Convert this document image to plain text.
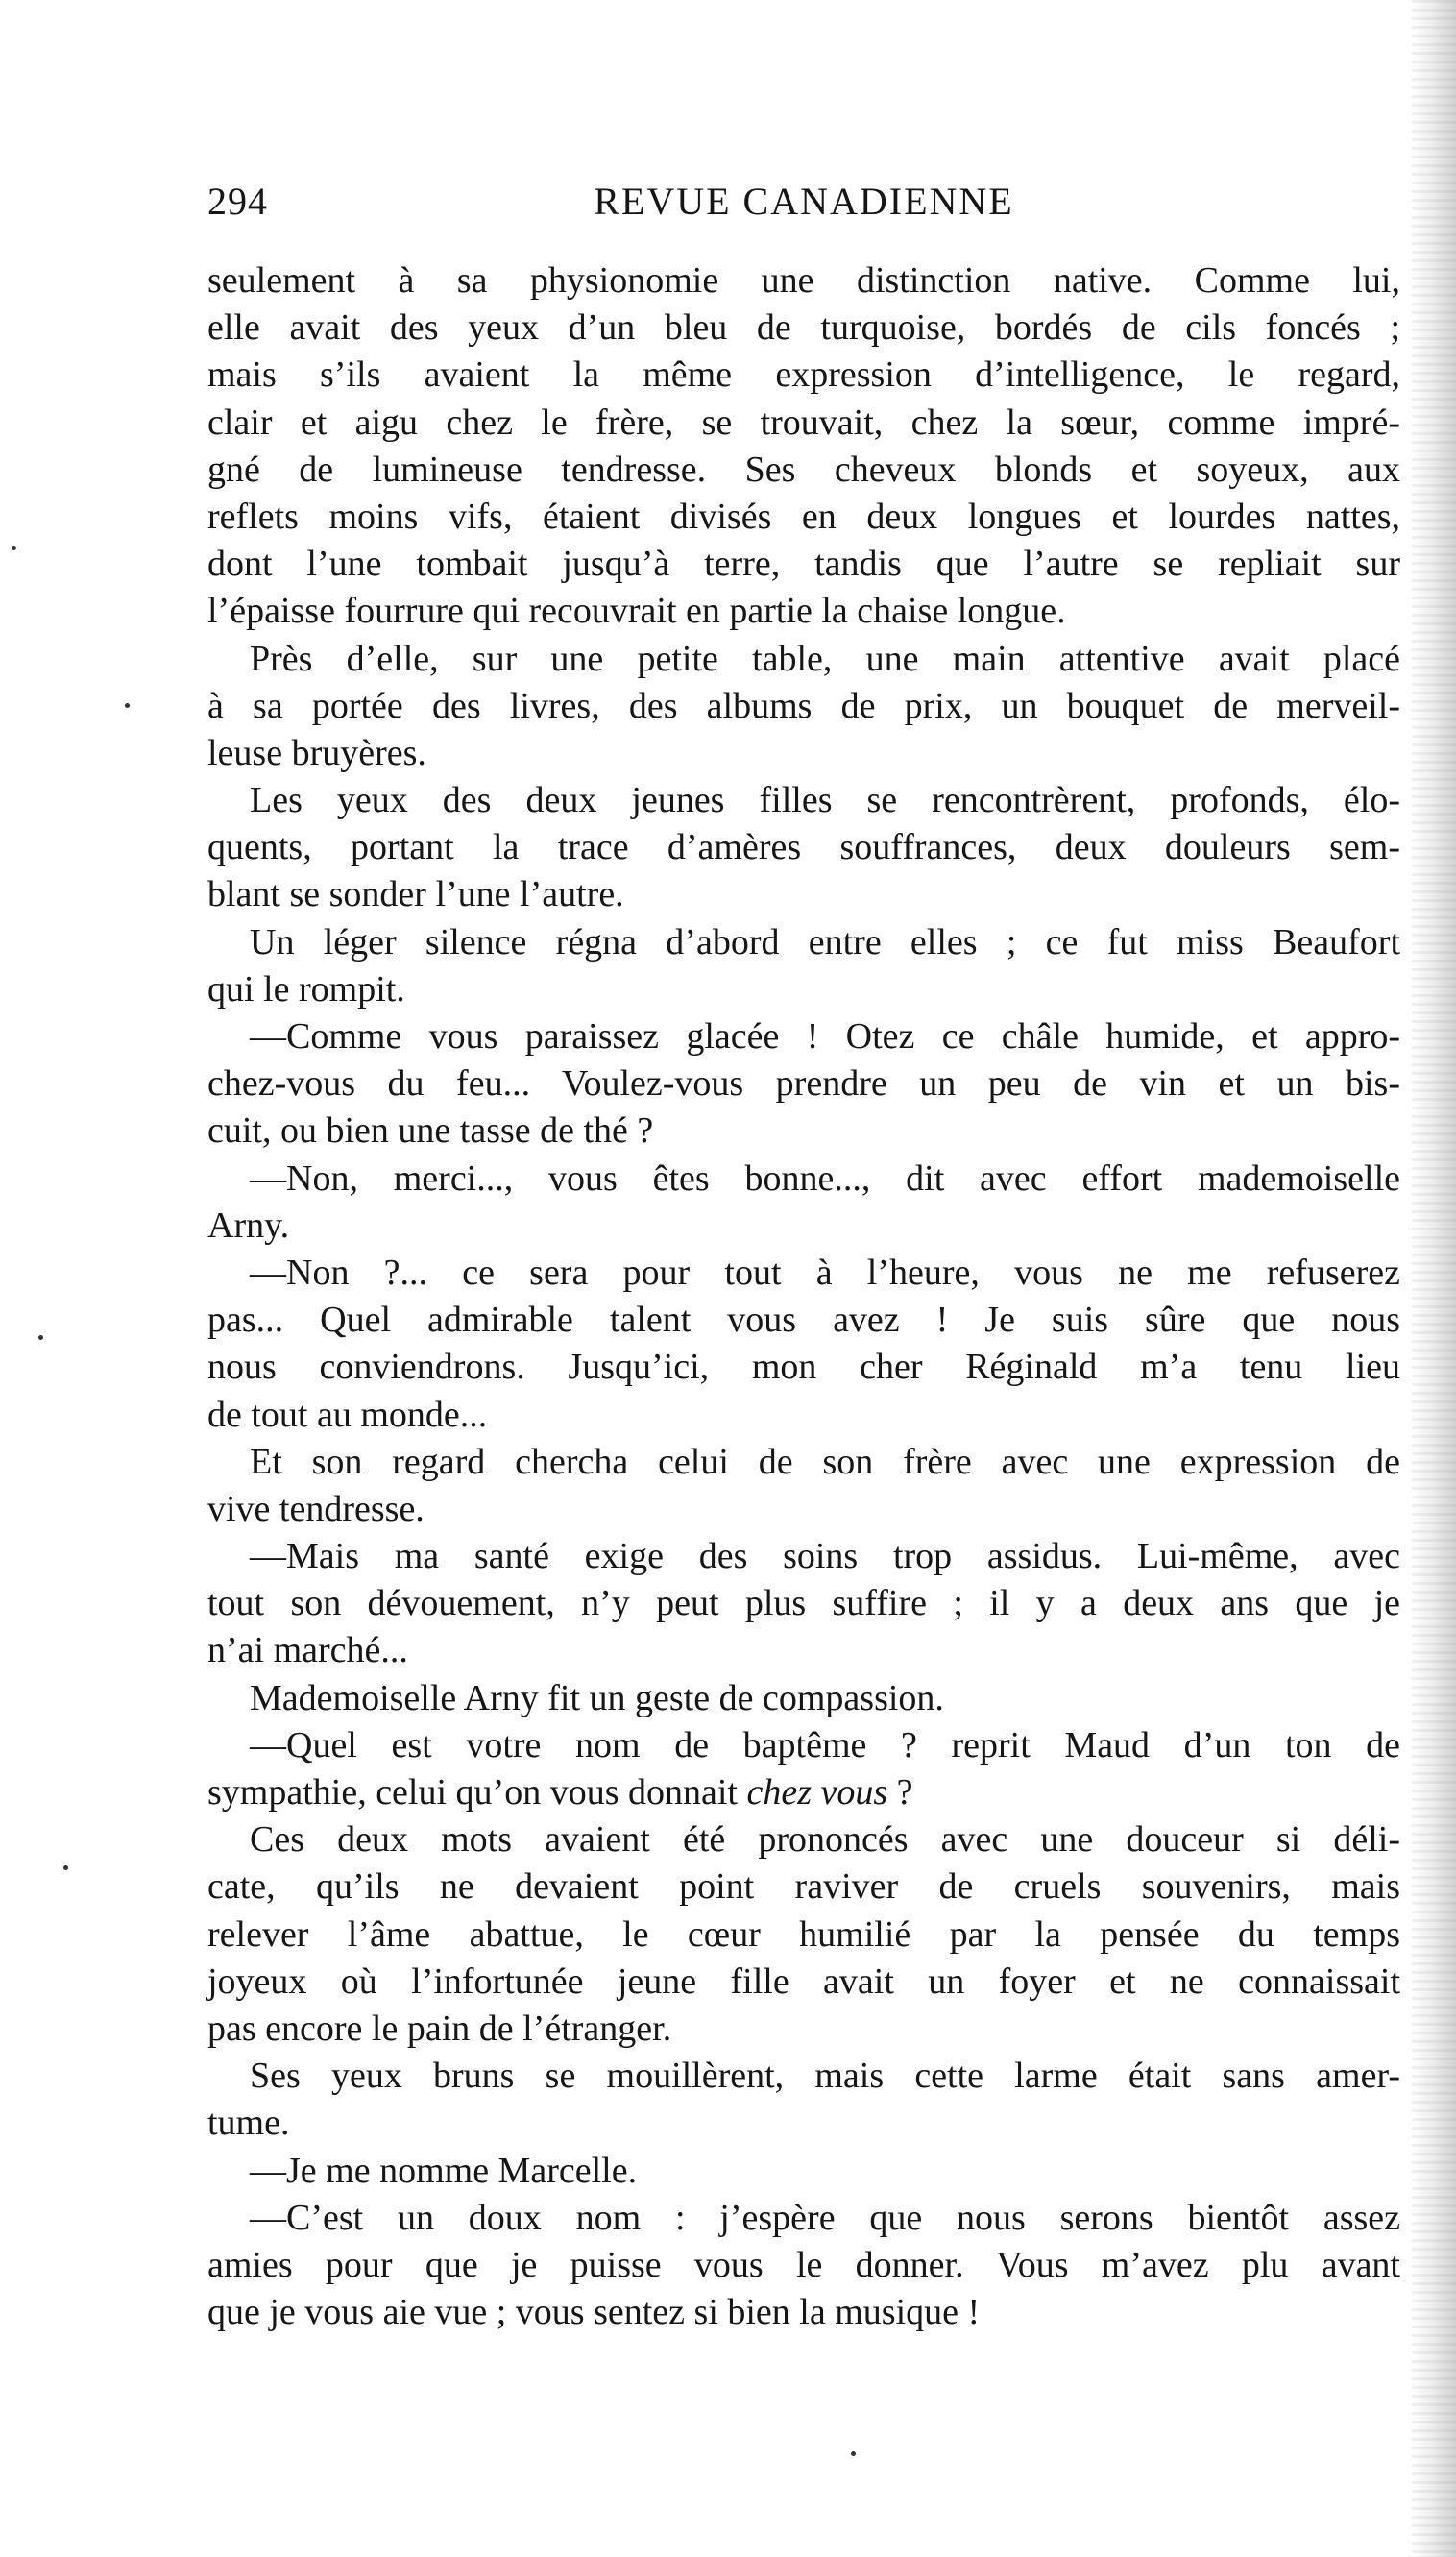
294	REVUE CANADIENNE
seulement à sa physionomie une distinction native. Comme lui,
elle avait des yeux d’un bleu de turquoise, bordés de cils foncés ;
mais s’ils avaient la même expression d’intelligence, le regard,
clair et aigu chez le frère, se trouvait, chez la sœur, comme impré-
gné de lumineuse tendresse. Ses cheveux blonds et soyeux, aux
reflets moins vifs, étaient divisés en deux longues et lourdes nattes,
dont l’une tombait jusqu’à terre, tandis que l’autre se repliait sur
l’épaisse fourrure qui recouvrait en partie la chaise longue.
Près d’elle, sur une petite table, une main attentive avait placé
à sa portée des livres, des albums de prix, un bouquet de merveil-
leuse bruyères.
Les yeux des deux jeunes filles se rencontrèrent, profonds, élo-
quents, portant la trace d’amères souffrances, deux douleurs sem-
blant se sonder l’une l’autre.
Un léger silence régna d’abord entre elles ; ce fut miss Beaufort
qui le rompit.
—Comme vous paraissez glacée ! Otez ce châle humide, et appro-
chez-vous du feu... Voulez-vous prendre un peu de vin et un bis-
cuit, ou bien une tasse de thé ?
—Non, merci..., vous êtes bonne..., dit avec effort mademoiselle
Arny.
—Non ?... ce sera pour tout à l’heure, vous ne me refuserez
pas... Quel admirable talent vous avez ! Je suis sûre que nous
nous conviendrons. Jusqu’ici, mon cher Réginald m’a tenu lieu
de tout au monde...
Et son regard chercha celui de son frère avec une expression de
vive tendresse.
—Mais ma santé exige des soins trop assidus. Lui-même, avec
tout son dévouement, n’y peut plus suffire ; il y a deux ans que je
n’ai marché...
Mademoiselle Arny fit un geste de compassion.
—Quel est votre nom de baptême ? reprit Maud d’un ton de
sympathie, celui qu’on vous donnait chez vous ?
Ces deux mots avaient été prononcés avec une douceur si déli-
cate, qu’ils ne devaient point raviver de cruels souvenirs, mais
relever l’âme abattue, le cœur humilié par la pensée du temps
joyeux où l’infortunée jeune fille avait un foyer et ne connaissait
pas encore le pain de l’étranger.
Ses yeux bruns se mouillèrent, mais cette larme était sans amer-
tume.
—Je me nomme Marcelle.
—C’est un doux nom : j’espère que nous serons bientôt assez
amies pour que je puisse vous le donner. Vous m’avez plu avant
que je vous aie vue ; vous sentez si bien la musique !
